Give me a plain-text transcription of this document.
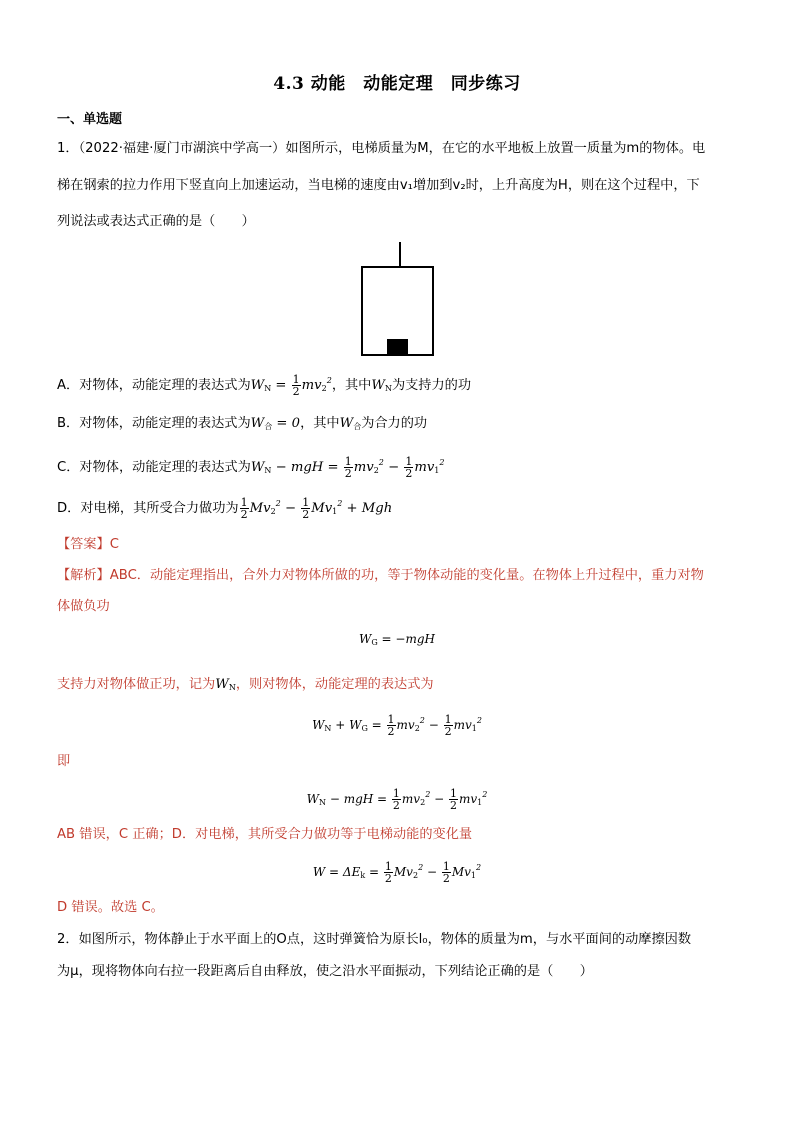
4.3 动能　动能定理　同步练习
一、单选题
1．（2022·福建·厦门市湖滨中学高一）如图所示，电梯质量为M，在它的水平地板上放置一质量为m的物体。电
梯在钢索的拉力作用下竖直向上加速运动，当电梯的速度由v₁增加到v₂时，上升高度为H，则在这个过程中，下
列说法或表达式正确的是（　　）
A．对物体，动能定理的表达式为$W_N = \frac{1}{2} mv_2^2$，其中$W_N$为支持力的功
B．对物体，动能定理的表达式为$W_合 = 0$，其中$W_合$为合力的功
C．对物体，动能定理的表达式为$W_N$ − mgH = $\frac{1}{2} mv_2^2 - \frac{1}{2} mv_1^2$
D．对电梯，其所受合力做功为 $\frac{1}{2} Mv_2^2 - \frac{1}{2} Mv_1^2$ + Mgh
【答案】C
【解析】ABC．动能定理指出，合外力对物体所做的功，等于物体动能的变化量。在物体上升过程中，重力对物
体做负功
$W_G = -mgH$
支持力对物体做正功，记为$W_N$，则对物体，动能定理的表达式为
$W_N + W_G = \frac{1}{2} mv_2^2 - \frac{1}{2} mv_1^2$
即
$W_N$ − mgH = $\frac{1}{2} mv_2^2 - \frac{1}{2} mv_1^2$
AB 错误，C 正确；D．对电梯，其所受合力做功等于电梯动能的变化量
$W = \Delta E_k = \frac{1}{2} Mv_2^2 - \frac{1}{2} Mv_1^2$
D 错误。故选 C。
2．如图所示，物体静止于水平面上的O点，这时弹簧恰为原长l₀，物体的质量为m，与水平面间的动摩擦因数
为μ，现将物体向右拉一段距离后自由释放，使之沿水平面振动，下列结论正确的是（　　）
